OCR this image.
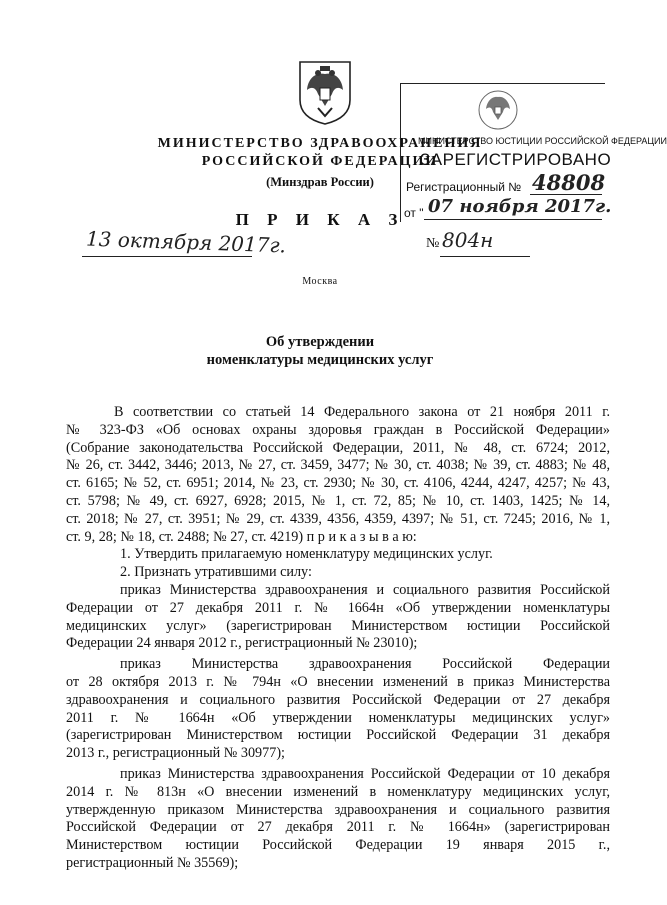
МИНИСТЕРСТВО ЗДРАВООХРАНЕНИЯ
РОССИЙСКОЙ ФЕДЕРАЦИИ
(Минздрав России)
П Р И К А З
13 октября 2017г.	№ 804н
Москва
МИНИСТЕРСТВО ЮСТИЦИИ РОССИЙСКОЙ ФЕДЕРАЦИИ
ЗАРЕГИСТРИРОВАНО
Регистрационный № 48808
от " 07 ноября 2017г.
Об утверждении
номенклатуры медицинских услуг

В соответствии со статьей 14 Федерального закона от 21 ноября 2011 г.

№ 323-ФЗ «Об основах охраны здоровья граждан в Российской Федерации»

(Собрание законодательства Российской Федерации, 2011, № 48, ст. 6724; 2012,

№ 26, ст. 3442, 3446; 2013, № 27, ст. 3459, 3477; № 30, ст. 4038; № 39, ст. 4883; № 48,

ст. 6165; № 52, ст. 6951; 2014, № 23, ст. 2930; № 30, ст. 4106, 4244, 4247, 4257; № 43,

ст. 5798; № 49, ст. 6927, 6928; 2015, № 1, ст. 72, 85; № 10, ст. 1403, 1425; № 14,

ст. 2018; № 27, ст. 3951; № 29, ст. 4339, 4356, 4359, 4397; № 51, ст. 7245; 2016, № 1,

ст. 9, 28; № 18, ст. 2488; № 27, ст. 4219) п р и к а з ы в а ю:

1. Утвердить прилагаемую номенклатуру медицинских услуг.

2. Признать утратившими силу:

приказ Министерства здравоохранения и социального развития Российской

Федерации от 27 декабря 2011 г. № 1664н «Об утверждении номенклатуры

медицинских услуг» (зарегистрирован Министерством юстиции Российской

Федерации 24 января 2012 г., регистрационный № 23010);

приказ Министерства здравоохранения Российской Федерации

от 28 октября 2013 г. № 794н «О внесении изменений в приказ Министерства

здравоохранения и социального развития Российской Федерации от 27 декабря

2011 г. № 1664н «Об утверждении номенклатуры медицинских услуг»

(зарегистрирован Министерством юстиции Российской Федерации 31 декабря

2013 г., регистрационный № 30977);

приказ Министерства здравоохранения Российской Федерации от 10 декабря

2014 г. № 813н «О внесении изменений в номенклатуру медицинских услуг,

утвержденную приказом Министерства здравоохранения и социального развития

Российской Федерации от 27 декабря 2011 г. № 1664н» (зарегистрирован

Министерством юстиции Российской Федерации 19 января 2015 г.,

регистрационный № 35569);
